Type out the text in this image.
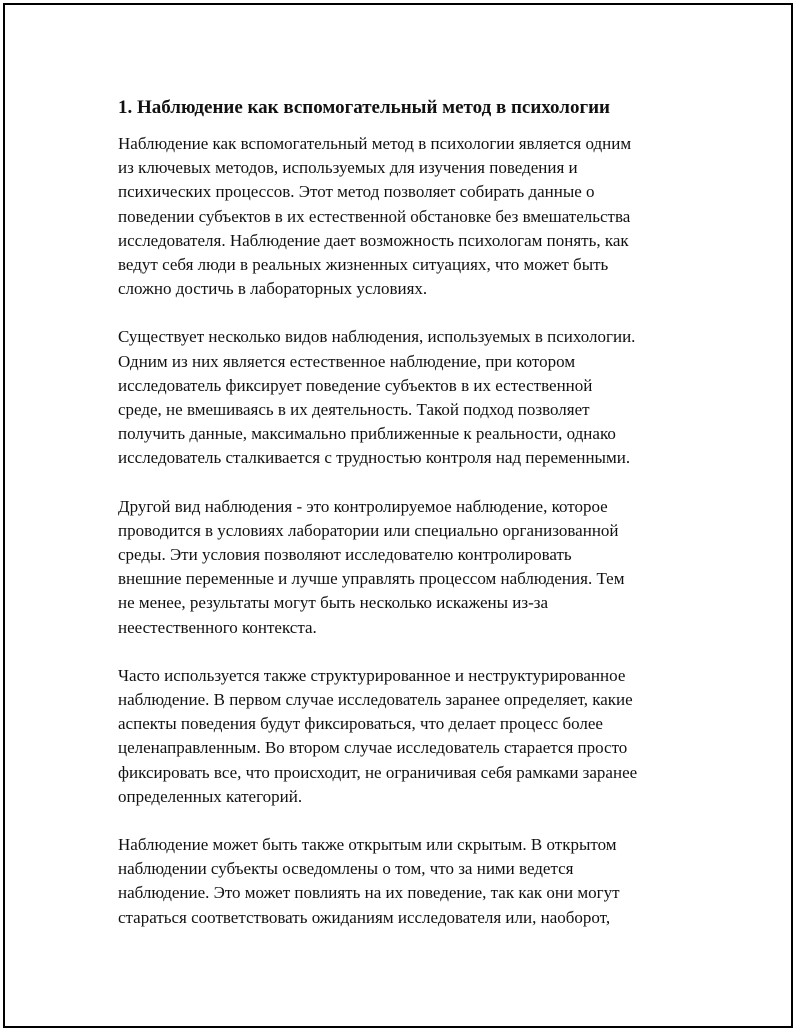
1. Наблюдение как вспомогательный метод в психологии

Наблюдение как вспомогательный метод в психологии является одним
из ключевых методов, используемых для изучения поведения и
психических процессов. Этот метод позволяет собирать данные о
поведении субъектов в их естественной обстановке без вмешательства
исследователя. Наблюдение дает возможность психологам понять, как
ведут себя люди в реальных жизненных ситуациях, что может быть
сложно достичь в лабораторных условиях.

Существует несколько видов наблюдения, используемых в психологии.
Одним из них является естественное наблюдение, при котором
исследователь фиксирует поведение субъектов в их естественной
среде, не вмешиваясь в их деятельность. Такой подход позволяет
получить данные, максимально приближенные к реальности, однако
исследователь сталкивается с трудностью контроля над переменными.

Другой вид наблюдения - это контролируемое наблюдение, которое
проводится в условиях лаборатории или специально организованной
среды. Эти условия позволяют исследователю контролировать
внешние переменные и лучше управлять процессом наблюдения. Тем
не менее, результаты могут быть несколько искажены из-за
неестественного контекста.

Часто используется также структурированное и неструктурированное
наблюдение. В первом случае исследователь заранее определяет, какие
аспекты поведения будут фиксироваться, что делает процесс более
целенаправленным. Во втором случае исследователь старается просто
фиксировать все, что происходит, не ограничивая себя рамками заранее
определенных категорий.

Наблюдение может быть также открытым или скрытым. В открытом
наблюдении субъекты осведомлены о том, что за ними ведется
наблюдение. Это может повлиять на их поведение, так как они могут
стараться соответствовать ожиданиям исследователя или, наоборот,
